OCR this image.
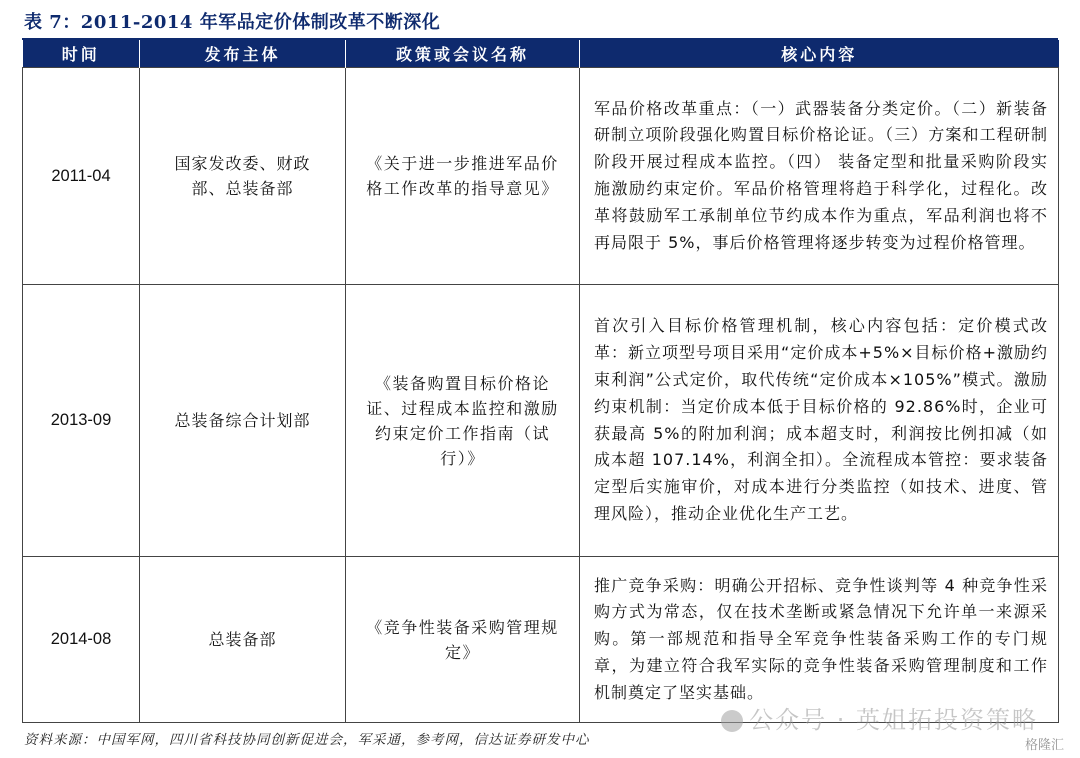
表 7：2011-2014 年军品定价体制改革不断深化
时间	发布主体	政策或会议名称	核心内容
2011-04	国家发改委、财政部、总装备部	《关于进一步推进军品价格工作改革的指导意见》	军品价格改革重点：（一）武器装备分类定价。（二）新装备研制立项阶段强化购置目标价格论证。（三）方案和工程研制阶段开展过程成本监控。（四） 装备定型和批量采购阶段实施激励约束定价。军品价格管理将趋于科学化，过程化。改革将鼓励军工承制单位节约成本作为重点，军品利润也将不再局限于 5%，事后价格管理将逐步转变为过程价格管理。
2013-09	总装备综合计划部	《装备购置目标价格论证、过程成本监控和激励约束定价工作指南（试行）》	首次引入目标价格管理机制，核心内容包括：定价模式改革：新立项型号项目采用“定价成本+5%×目标价格+激励约束利润”公式定价，取代传统“定价成本×105%”模式。激励约束机制：当定价成本低于目标价格的 92.86%时，企业可获最高 5%的附加利润；成本超支时，利润按比例扣减（如成本超 107.14%，利润全扣）。全流程成本管控：要求装备定型后实施审价，对成本进行分类监控（如技术、进度、管理风险），推动企业优化生产工艺。
2014-08	总装备部	《竞争性装备采购管理规定》	推广竞争采购：明确公开招标、竞争性谈判等 4 种竞争性采购方式为常态，仅在技术垄断或紧急情况下允许单一来源采购。第一部规范和指导全军竞争性装备采购工作的专门规章，为建立符合我军实际的竞争性装备采购管理制度和工作机制奠定了坚实基础。
资料来源：中国军网，四川省科技协同创新促进会，军采通，参考网，信达证券研发中心
公众号 · 英姐拓投资策略
格隆汇
